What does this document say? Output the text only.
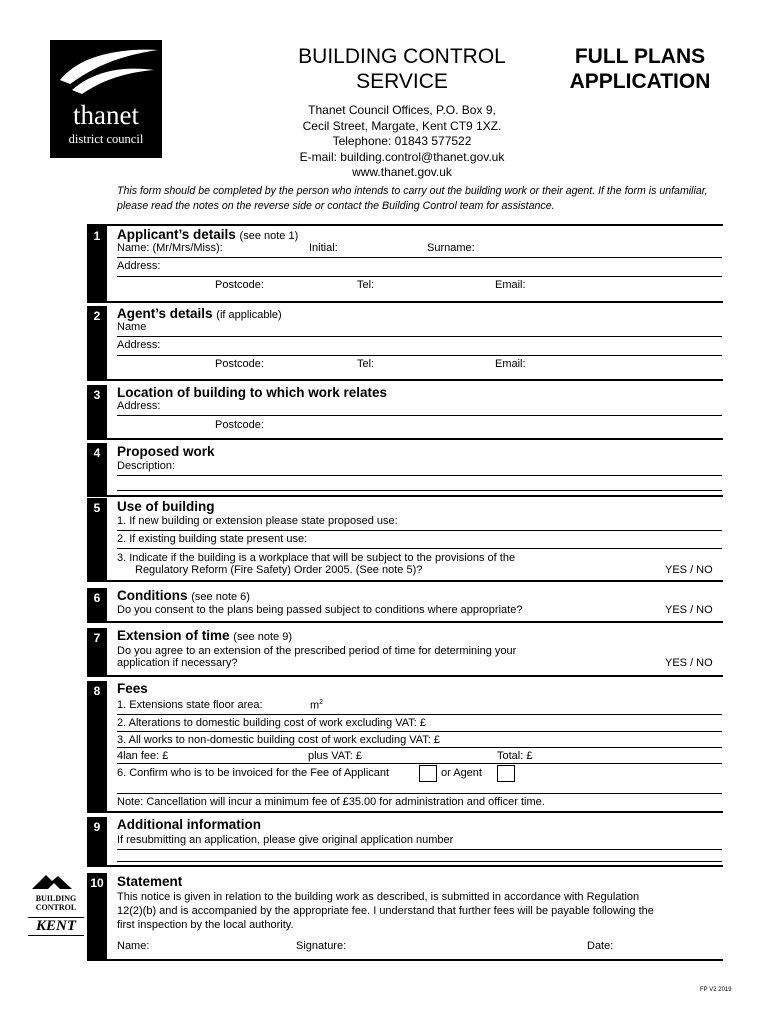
thanet
district council
BUILDING CONTROL
SERVICE
FULL PLANS
APPLICATION
Thanet Council Offices, P.O. Box 9,
Cecil Street, Margate, Kent CT9 1XZ.
Telephone: 01843 577522
E-mail: building.control@thanet.gov.uk
www.thanet.gov.uk
This form should be completed by the person who intends to carry out the building work or their agent. If the form is unfamiliar, please read the notes on the reverse side or contact the Building Control team for assistance.
1	Applicant’s details (see note 1)
Name: (Mr/Mrs/Miss):	Initial:	Surname:
Address:
Postcode:	Tel:	Email:
2	Agent’s details (if applicable)
Name
Address:
Postcode:	Tel:	Email:
3	Location of building to which work relates
Address:
Postcode:
4	Proposed work
Description:
5	Use of building
1. If new building or extension please state proposed use:
2. If existing building state present use:
3. Indicate if the building is a workplace that will be subject to the provisions of the
Regulatory Reform (Fire Safety) Order 2005. (See note 5)?	YES / NO
6	Conditions (see note 6)
Do you consent to the plans being passed subject to conditions where appropriate?	YES / NO
7	Extension of time (see note 9)
Do you agree to an extension of the prescribed period of time for determining your
application if necessary?	YES / NO
8	Fees
1. Extensions state floor area:	$m^2$
2. Alterations to domestic building cost of work excluding VAT: £
3. All works to non-domestic building cost of work excluding VAT: £
4lan fee: £	plus VAT: £	Total: £
6. Confirm who is to be invoiced for the Fee of Applicant	or Agent
Note: Cancellation will incur a minimum fee of £35.00 for administration and officer time.
9	Additional information
If resubmitting an application, please give original application number
10 Statement
This notice is given in relation to the building work as described, is submitted in accordance with Regulation
12(2)(b) and is accompanied by the appropriate fee. I understand that further fees will be payable following the
first inspection by the local authority.
Name:	Signature:	Date:
BUILDING
CONTROL
KENT
FP V2 2019
